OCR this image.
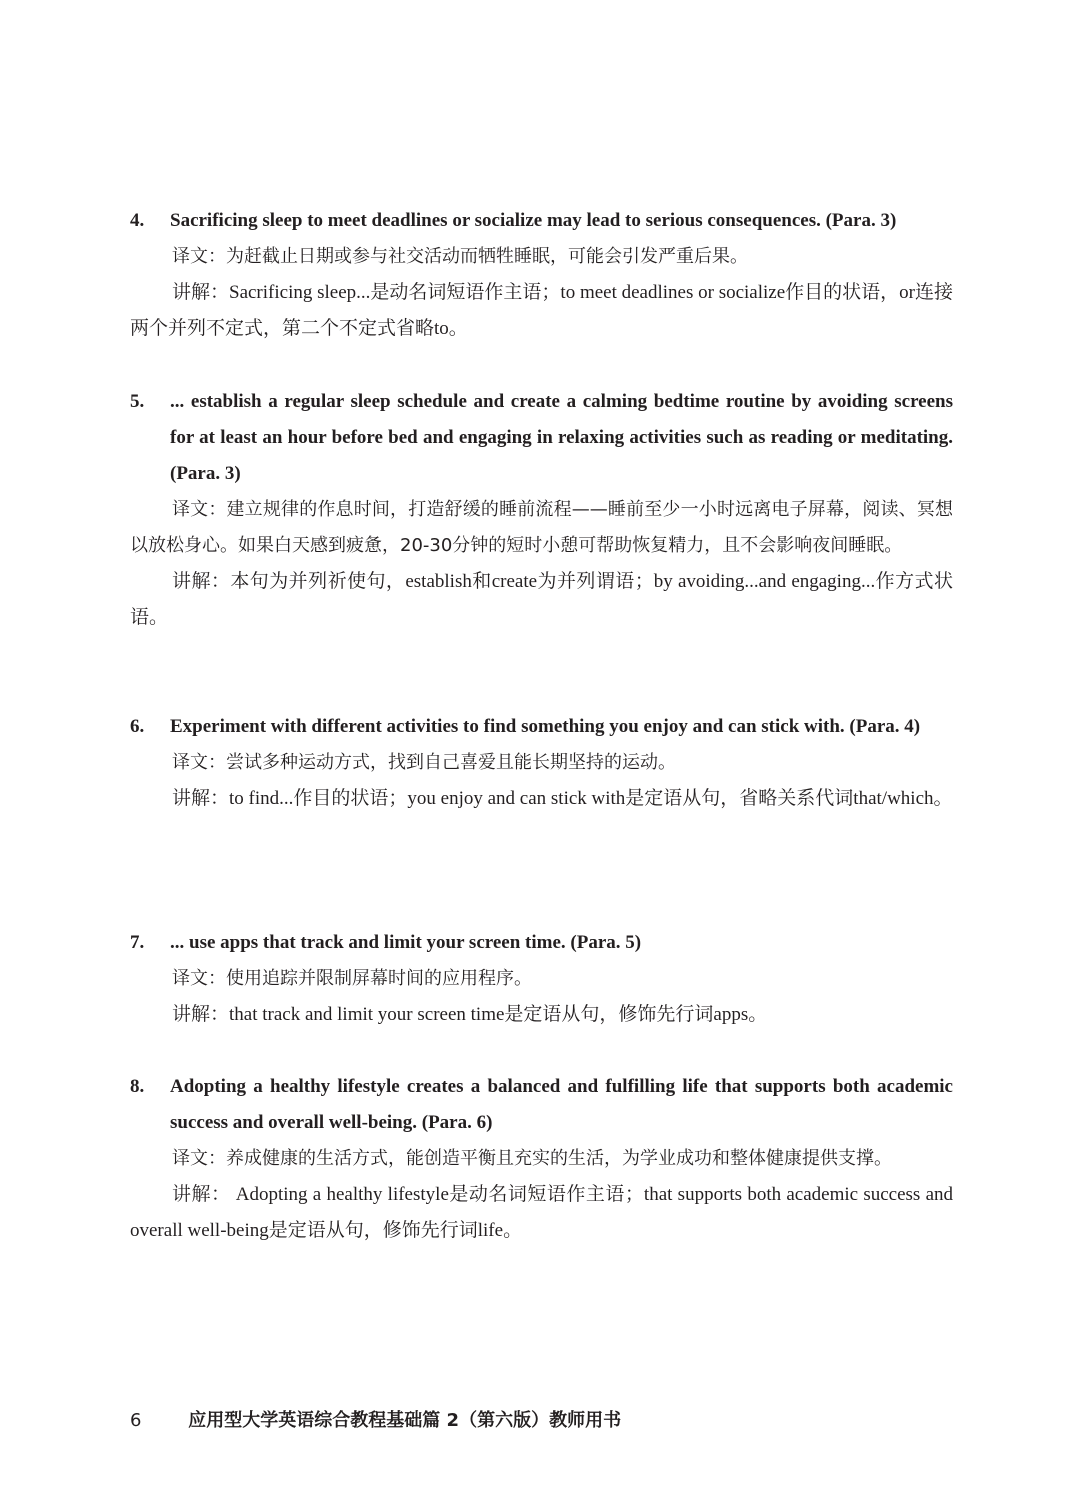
4. Sacrificing sleep to meet deadlines or socialize may lead to serious consequences. (Para. 3)

译文：为赶截止日期或参与社交活动而牺牲睡眠，可能会引发严重后果。

讲解：Sacrificing sleep...是动名词短语作主语；to meet deadlines or socialize作目的状语，or连接两个并列不定式，第二个不定式省略to。

5. ... establish a regular sleep schedule and create a calming bedtime routine by avoiding screens for at least an hour before bed and engaging in relaxing activities such as reading or meditating. (Para. 3)

译文：建立规律的作息时间，打造舒缓的睡前流程——睡前至少一小时远离电子屏幕，阅读、冥想以放松身心。如果白天感到疲惫，20-30分钟的短时小憩可帮助恢复精力，且不会影响夜间睡眠。

讲解：本句为并列祈使句，establish和create为并列谓语；by avoiding...and engaging...作方式状语。

6. Experiment with different activities to find something you enjoy and can stick with. (Para. 4)

译文：尝试多种运动方式，找到自己喜爱且能长期坚持的运动。

讲解：to find...作目的状语；you enjoy and can stick with是定语从句，省略关系代词that/which。

7. ... use apps that track and limit your screen time. (Para. 5)

译文：使用追踪并限制屏幕时间的应用程序。

讲解：that track and limit your screen time是定语从句，修饰先行词apps。

8. Adopting a healthy lifestyle creates a balanced and fulfilling life that supports both academic success and overall well-being. (Para. 6)

译文：养成健康的生活方式，能创造平衡且充实的生活，为学业成功和整体健康提供支撑。

讲解： Adopting a healthy lifestyle是动名词短语作主语；that supports both academic success and overall well-being是定语从句，修饰先行词life。

6	应用型大学英语综合教程基础篇 2（第六版）教师用书
